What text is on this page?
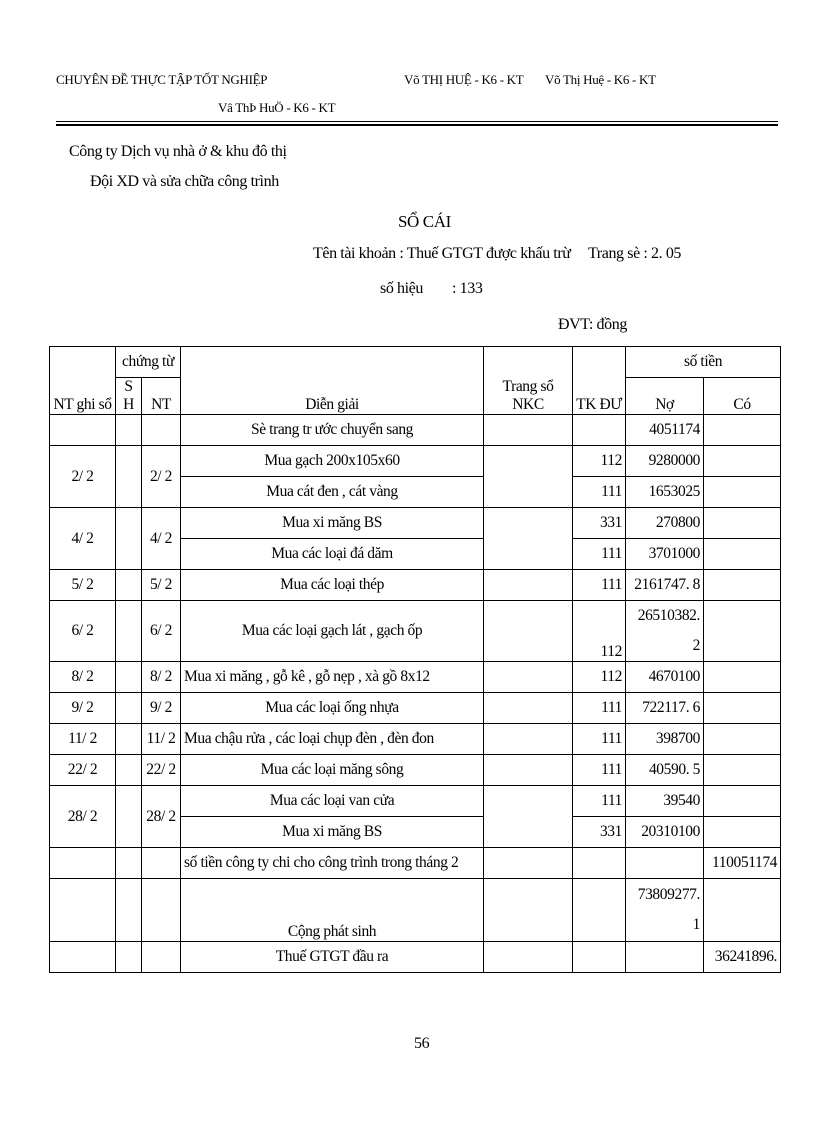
CHUYÊN ĐỀ THỰC TẬP TỐT NGHIỆP	Võ THỊ HUỆ - K6 - KT Võ Thị Huệ - K6 - KT
Vâ ThÞ HuÖ - K6 - KT
Công ty Dịch vụ nhà ở & khu đô thị
Đội XD và sửa chữa công trình
SỔ CÁI
Tên tài khoản : Thuế GTGT được khấu trừ Trang sè : 2. 05
số hiệu : 133
ĐVT: đồng
NT ghi sổ	chứng từ		Diễn giải	Trang sổ NKC	TK ĐƯ	số tiền	
	S H	NT				Nợ	Có

			Sè trang tr ước chuyển sang			4051174	
2/ 2		2/ 2	Mua gạch 200x105x60		112	9280000	
			Mua cát đen , cát vàng		111	1653025	
4/ 2		4/ 2	Mua xi măng BS		331	270800	
			Mua các loại đá dăm		111	3701000	
5/ 2		5/ 2	Mua các loại thép		111	2161747. 8	
6/ 2		6/ 2	Mua các loại gạch lát , gạch ốp		112	26510382. 2	
8/ 2		8/ 2	Mua xi măng , gỗ kê , gỗ nẹp , xà gồ 8x12		112	4670100	
9/ 2		9/ 2	Mua các loại ống nhựa		111	722117. 6	
11/ 2		11/ 2	Mua chậu rửa , các loại chụp đèn , đèn đon		111	398700	
22/ 2		22/ 2	Mua các loại măng sông		111	40590. 5	
28/ 2		28/ 2	Mua các loại van cửa		111	39540	
			Mua xi măng BS		331	20310100	
			số tiền công ty chi cho công trình trong tháng 2				110051174
			Cộng phát sinh			73809277. 1	
			Thuế GTGT đầu ra				36241896.
56
